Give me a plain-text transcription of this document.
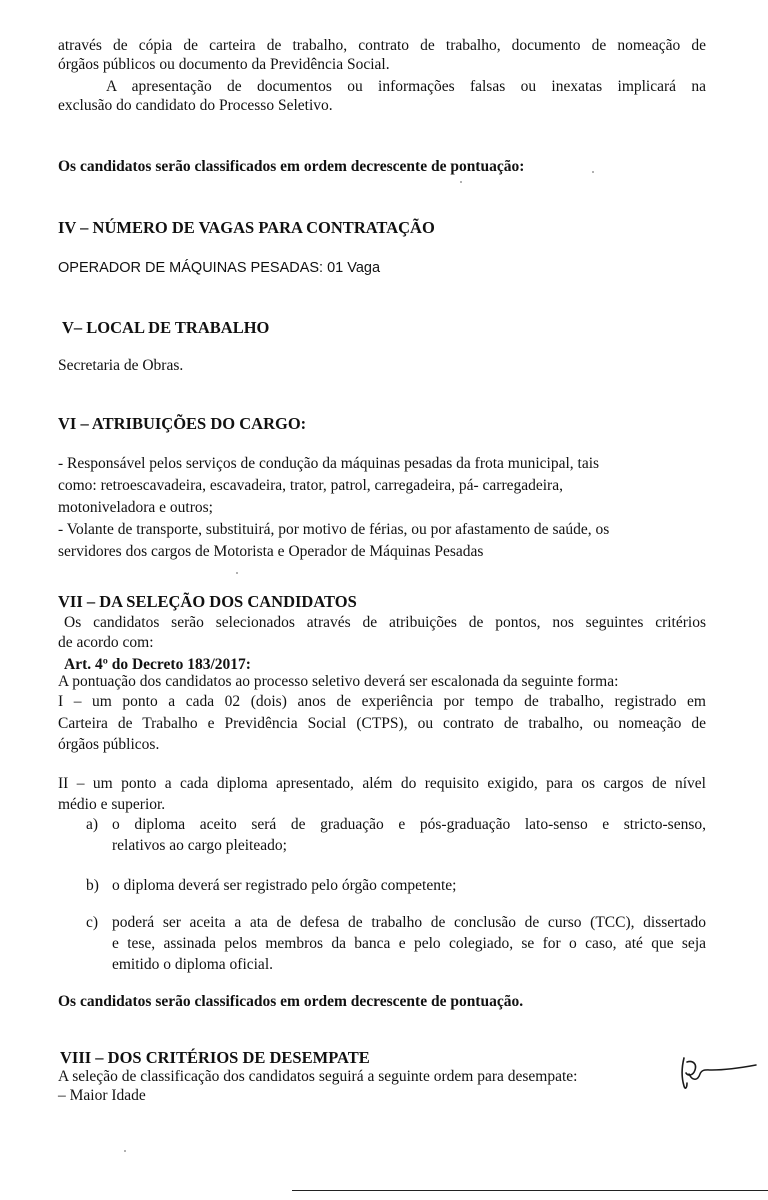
através de cópia de carteira de trabalho, contrato de trabalho, documento de nomeação de
órgãos públicos ou documento da Previdência Social.
A apresentação de documentos ou informações falsas ou inexatas implicará na
exclusão do candidato do Processo Seletivo.
Os candidatos serão classificados em ordem decrescente de pontuação:
IV – NÚMERO DE VAGAS PARA CONTRATAÇÃO
OPERADOR DE MÁQUINAS PESADAS: 01 Vaga
V– LOCAL DE TRABALHO
Secretaria de Obras.
VI – ATRIBUIÇÕES DO CARGO:
- Responsável pelos serviços de condução da máquinas pesadas da frota municipal, tais
como: retroescavadeira, escavadeira, trator, patrol, carregadeira, pá- carregadeira,
motoniveladora e outros;
- Volante de transporte, substituirá, por motivo de férias, ou por afastamento de saúde, os
servidores dos cargos de Motorista e Operador de Máquinas Pesadas
VII – DA SELEÇÃO DOS CANDIDATOS
Os candidatos serão selecionados através de atribuições de pontos, nos seguintes critérios
de acordo com:
Art. 4º do Decreto 183/2017:
A pontuação dos candidatos ao processo seletivo deverá ser escalonada da seguinte forma:
I – um ponto a cada 02 (dois) anos de experiência por tempo de trabalho, registrado em
Carteira de Trabalho e Previdência Social (CTPS), ou contrato de trabalho, ou nomeação de
órgãos públicos.
II – um ponto a cada diploma apresentado, além do requisito exigido, para os cargos de nível
médio e superior.
a) o diploma aceito será de graduação e pós-graduação lato-senso e stricto-senso,
relativos ao cargo pleiteado;
b) o diploma deverá ser registrado pelo órgão competente;
c) poderá ser aceita a ata de defesa de trabalho de conclusão de curso (TCC), dissertado
e tese, assinada pelos membros da banca e pelo colegiado, se for o caso, até que seja
emitido o diploma oficial.
Os candidatos serão classificados em ordem decrescente de pontuação.
VIII – DOS CRITÉRIOS DE DESEMPATE
A seleção de classificação dos candidatos seguirá a seguinte ordem para desempate:
– Maior Idade
